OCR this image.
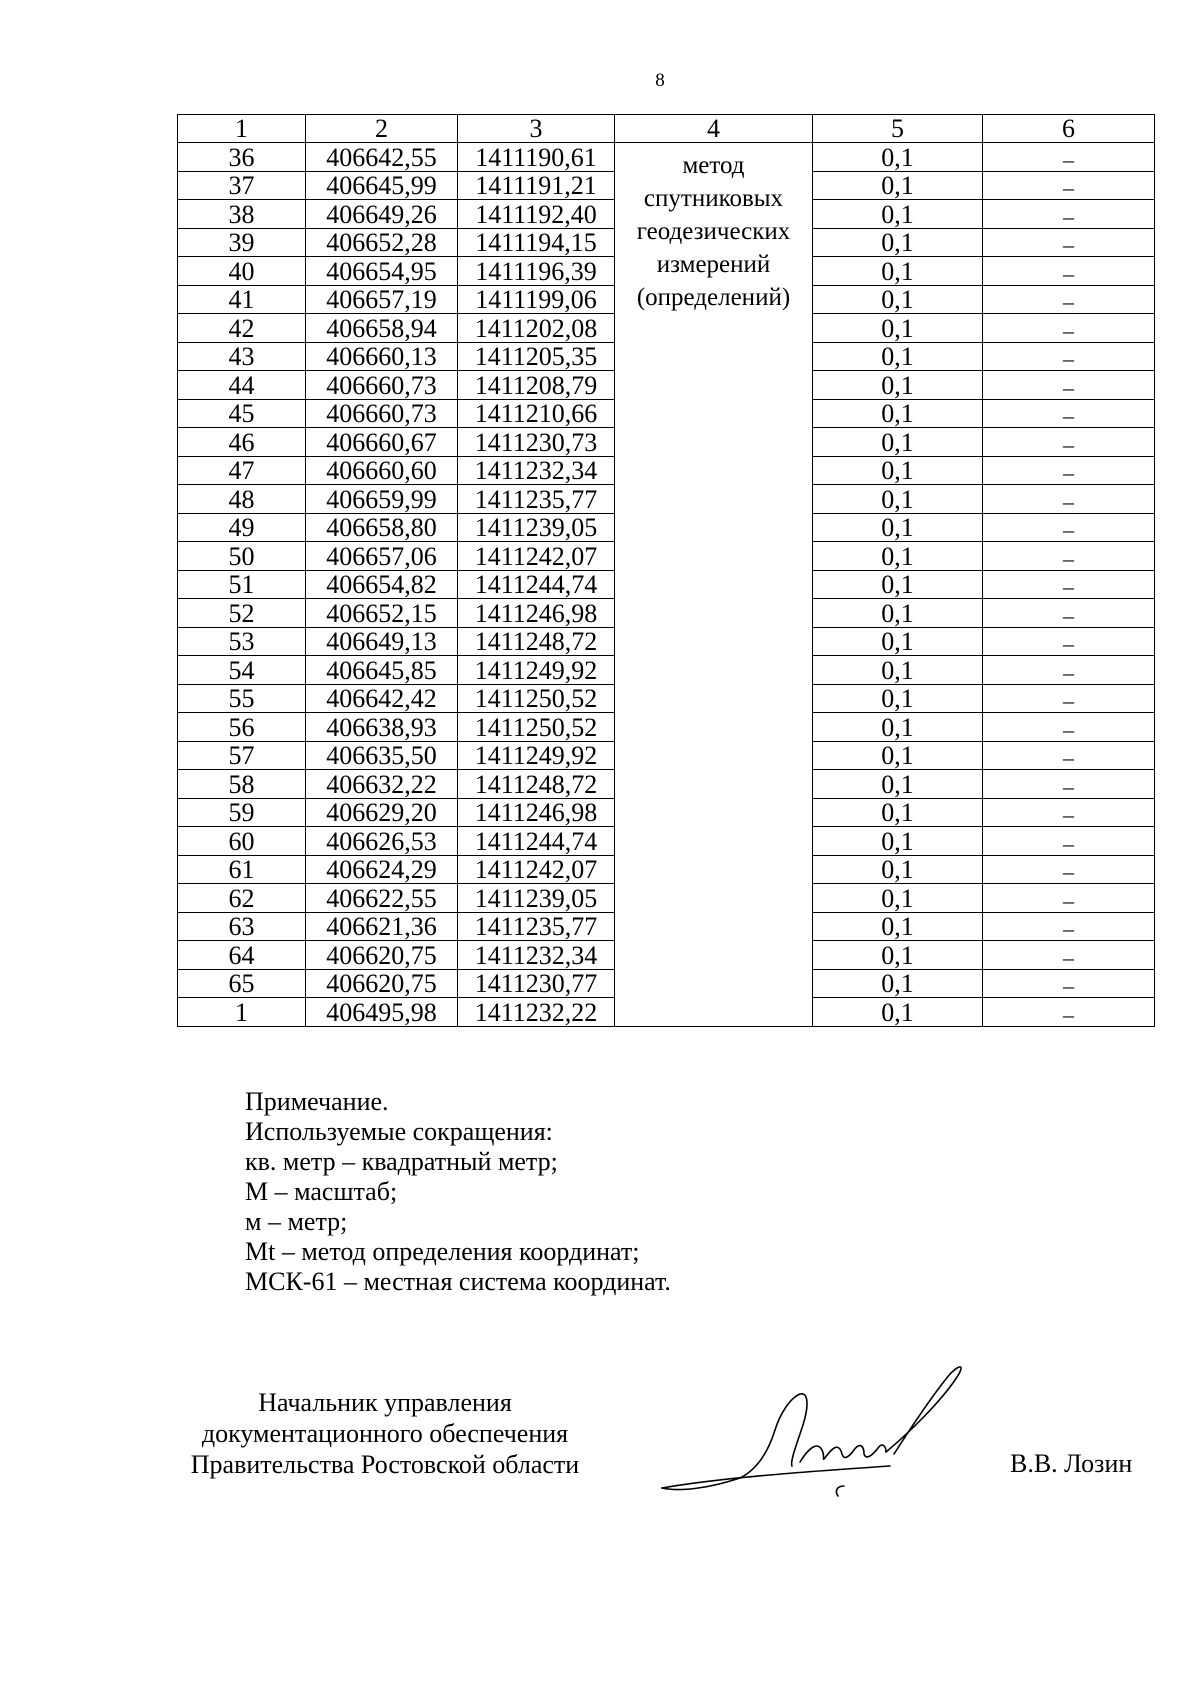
8
1	2	3	4	5	6
36	406642,55	1411190,61	метод спутниковых геодезических измерений (определений)	0,1	–
37	406645,99	1411191,21		0,1	–
38	406649,26	1411192,40		0,1	–
39	406652,28	1411194,15		0,1	–
40	406654,95	1411196,39		0,1	–
41	406657,19	1411199,06		0,1	–
42	406658,94	1411202,08		0,1	–
43	406660,13	1411205,35		0,1	–
44	406660,73	1411208,79		0,1	–
45	406660,73	1411210,66		0,1	–
46	406660,67	1411230,73		0,1	–
47	406660,60	1411232,34		0,1	–
48	406659,99	1411235,77		0,1	–
49	406658,80	1411239,05		0,1	–
50	406657,06	1411242,07		0,1	–
51	406654,82	1411244,74		0,1	–
52	406652,15	1411246,98		0,1	–
53	406649,13	1411248,72		0,1	–
54	406645,85	1411249,92		0,1	–
55	406642,42	1411250,52		0,1	–
56	406638,93	1411250,52		0,1	–
57	406635,50	1411249,92		0,1	–
58	406632,22	1411248,72		0,1	–
59	406629,20	1411246,98		0,1	–
60	406626,53	1411244,74		0,1	–
61	406624,29	1411242,07		0,1	–
62	406622,55	1411239,05		0,1	–
63	406621,36	1411235,77		0,1	–
64	406620,75	1411232,34		0,1	–
65	406620,75	1411230,77		0,1	–
1	406495,98	1411232,22		0,1	–
Примечание.
Используемые сокращения:
кв. метр – квадратный метр;
М – масштаб;
м – метр;
Mt – метод определения координат;
МСК-61 – местная система координат.
Начальник управления
документационного обеспечения
Правительства Ростовской области	В.В. Лозин
